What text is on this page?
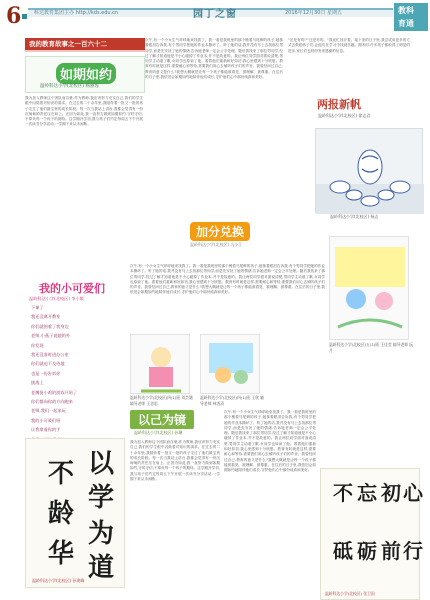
6	科达教育集团主办 http://kds.edu.cn	园丁之窗	2016年12月30日 星期五	教科
育通
我的教育故事之一百六十二
如期如约
温岭科达小学(北校区) 杨丽蓉
我为加入教师这个团队而自豪,作为教师,我应该努力充实自己,我们的学生眼中闪烁着对知识的渴求。在过去的二十余年里,我陪伴着一批又一批的孩子走过了他们最宝贵的成长阶段。每一次当我站上讲台,我都会觉得有一份沉甸甸的责任压在肩上。正因为如此,我一直努力做到如期如约,守时守信,不辜负每一个孩子的期待。这学期开学初,我与孩子们约定每周五下午开展一次读书分享活动,一学期下来从未间断。
次午,有一个小女生气呼呼地来找我了。我一看是我班里的那个梳着马尾辫的孩子,她抹着眼泪告诉我,有个男同学把她的作业本撕坏了。听了她的话,我并没有马上去找那位男同学,而是先安抚了她的情绪,告诉她老师一定会公平处理。随后我找来了那位男同学,经过了解才知道他是不小心碰掉了作业本,并不是故意的。我让两位同学面对面说清楚,男同学主动道了歉,女同学也原谅了他。看着他们重新和好如初,我心里感到十分欣慰。教育有时就是这样,需要耐心和等待,需要我们用心去倾听孩子们的声音。我曾经问过自己,教育的意义是什么?我想大概就是让每一个孩子都能被看见、被理解、被尊重。在往后的日子里,我依旧会如期如约地陪伴他们成长,守护他们心中那份纯真和美好。
"还是有的!""还是有的。"我连忙回应着。接下来的日子里,我尝试用更多的方式去鼓励孩子们,让他们在学习中找到乐趣。期末时,许多孩子都取得了明显的进步,家长们也纷纷发来感谢的信息。
两报新帆
温岭科达小学(北校区) 徐志君
温岭科达小学(北校区) 杨志
加分兑换
温岭科达小学(北校区) 冯小江
次午,有一个小女生气呼呼地来找我了。我一看是我班里的那个梳着马尾辫的孩子,她抹着眼泪告诉我,有个男同学把她的作业本撕坏了。听了她的话,我并没有马上去找那位男同学,而是先安抚了她的情绪,告诉她老师一定会公平处理。随后我找来了那位男同学,经过了解才知道他是不小心碰掉了作业本,并不是故意的。我让两位同学面对面说清楚,男同学主动道了歉,女同学也原谅了他。看着他们重新和好如初,我心里感到十分欣慰。教育有时就是这样,需要耐心和等待,需要我们用心去倾听孩子们的声音。我曾经问过自己,教育的意义是什么?我想大概就是让每一个孩子都能被看见、被理解、被尊重。在往后的日子里,我依旧会如期如约地陪伴他们成长,守护他们心中那份纯真和美好。
我的小可爱们
温岭科达小学(北校区) 李小敏

下课了

我还没离开教室

你们就围着了我身边

老师,小燕子说她的外

你发现

我还没准时进办公室

你们就迫不及待地

也是一份告诉你

挑战上

老鹰捉小鸡的游戏开始了

你们都向你的方向跑来

老师,我们一起来玩

我的小可爱们呀

让我拿着你的手

温岭科达小学(北校区)四(1)班 刘芸涵 辅导老师 王思思
温岭科达小学(北校区)四(1)班 王欣 辅导老师 林秀清
温岭科达小学(北校区)五(1)班 王佳莹 辅导老师 阮月
以
学
为
道
不
龄
华
温岭科达小学(北校区) 孙建峰
以己为镜
温岭科达小学(北校区) 孙琳
我为加入教师这个团队而自豪,作为教师,我应该努力充实自己,我们的学生眼中闪烁着对知识的渴求。在过去的二十余年里,我陪伴着一批又一批的孩子走过了他们最宝贵的成长阶段。每一次当我站上讲台,我都会觉得有一份沉甸甸的责任压在肩上。正因为如此,我一直努力做到如期如约,守时守信,不辜负每一个孩子的期待。这学期开学初,我与孩子们约定每周五下午开展一次读书分享活动,一学期下来从未间断。
次午,有一个小女生气呼呼地来找我了。我一看是我班里的那个梳着马尾辫的孩子,她抹着眼泪告诉我,有个男同学把她的作业本撕坏了。听了她的话,我并没有马上去找那位男同学,而是先安抚了她的情绪,告诉她老师一定会公平处理。随后我找来了那位男同学,经过了解才知道他是不小心碰掉了作业本,并不是故意的。我让两位同学面对面说清楚,男同学主动道了歉,女同学也原谅了他。看着他们重新和好如初,我心里感到十分欣慰。教育有时就是这样,需要耐心和等待,需要我们用心去倾听孩子们的声音。我曾经问过自己,教育的意义是什么?我想大概就是让每一个孩子都能被看见、被理解、被尊重。在往后的日子里,我依旧会如期如约地陪伴他们成长,守护他们心中那份纯真和美好。
不 忘 初 心
砥 砺 前 行
温岭科达小学(北校区) 张卫国
